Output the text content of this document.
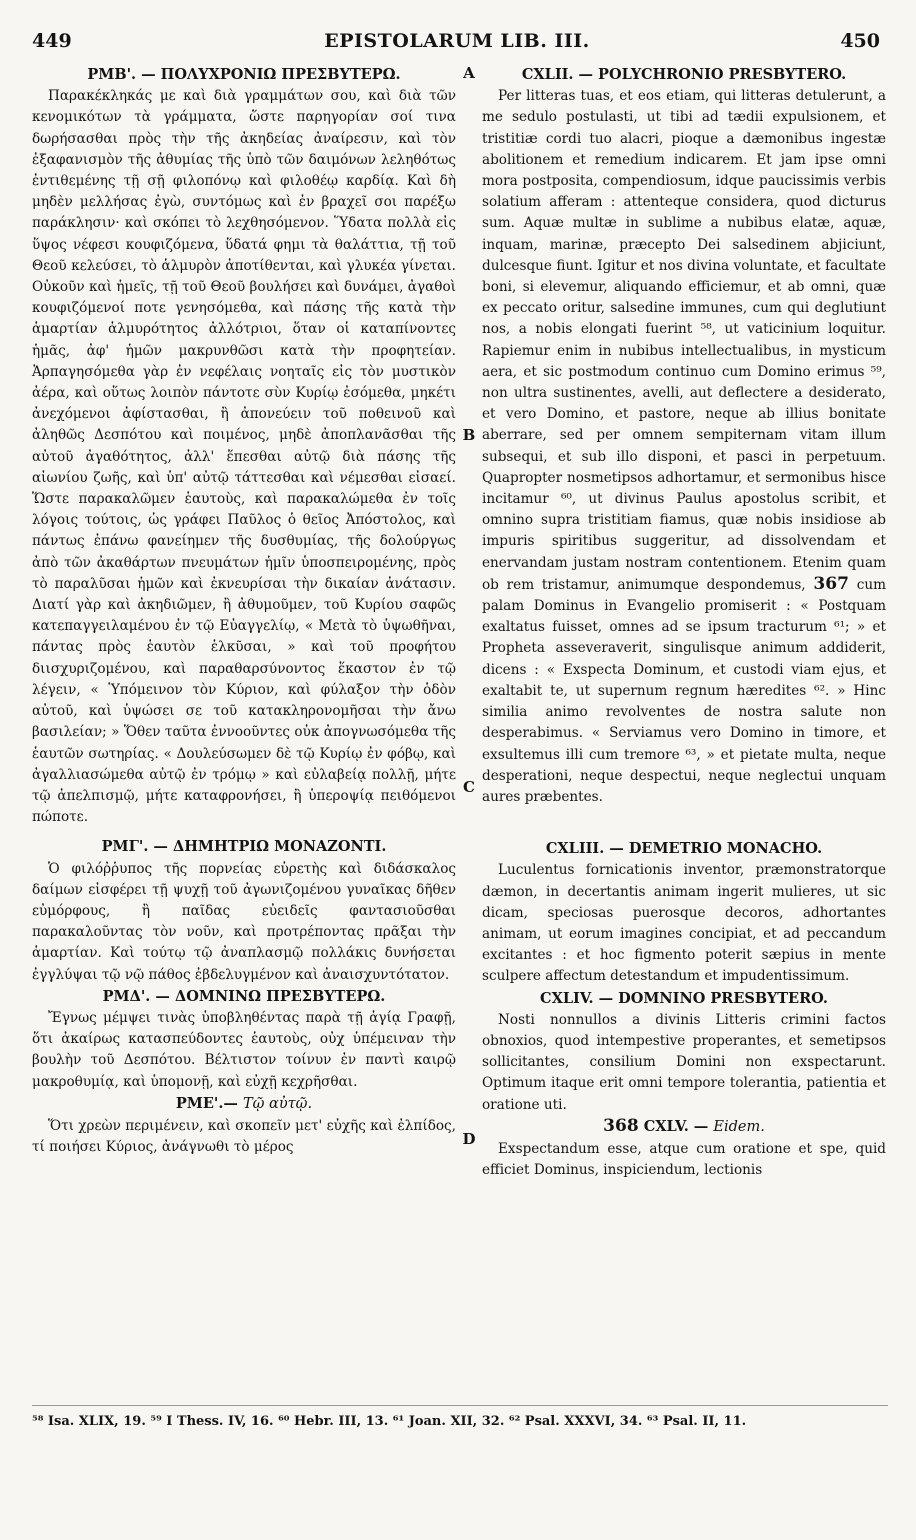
449	EPISTOLARUM LIB. III.	450
ΡΜΒ'. — ΠΟΛΥΧΡΟΝΙΩ ΠΡΕΣΒΥΤΕΡΩ.

Παρακέκληκάς με καὶ διὰ γραμμάτων σου, καὶ διὰ τῶν κενομικότων τὰ γράμματα, ὥστε παρηγορίαν σοί τινα δωρήσασθαι πρὸς τὴν τῆς ἀκηδείας ἀναίρεσιν, καὶ τὸν ἐξαφανισμὸν τῆς ἀθυμίας τῆς ὑπὸ τῶν δαιμόνων λεληθότως ἐντιθεμένης τῇ σῇ φιλοπόνῳ καὶ φιλοθέῳ καρδίᾳ. Καὶ δὴ μηδὲν μελλήσας ἐγὼ, συντόμως καὶ ἐν βραχεῖ σοι παρέξω παράκλησιν· καὶ σκόπει τὸ λεχθησόμενον. Ὕδατα πολλὰ εἰς ὕψος νέφεσι κουφιζόμενα, ὕδατά φημι τὰ θαλάττια, τῇ τοῦ Θεοῦ κελεύσει, τὸ ἁλμυρὸν ἀποτίθενται, καὶ γλυκέα γίνεται. Οὐκοῦν καὶ ἡμεῖς, τῇ τοῦ Θεοῦ βουλήσει καὶ δυνάμει, ἀγαθοὶ κουφιζόμενοί ποτε γενησόμεθα, καὶ πάσης τῆς κατὰ τὴν ἁμαρτίαν ἁλμυρότητος ἀλλότριοι, ὅταν οἱ καταπίνοντες ἡμᾶς, ἀφ' ἡμῶν μακρυνθῶσι κατὰ τὴν προφητείαν. Ἁρπαγησόμεθα γὰρ ἐν νεφέλαις νοηταῖς εἰς τὸν μυστικὸν ἀέρα, καὶ οὕτως λοιπὸν πάντοτε σὺν Κυρίῳ ἐσόμεθα, μηκέτι ἀνεχόμενοι ἀφίστασθαι, ἢ ἀπονεύειν τοῦ ποθεινοῦ καὶ ἀληθῶς Δεσπότου καὶ ποιμένος, μηδὲ ἀποπλανᾶσθαι τῆς αὐτοῦ ἀγαθότητος, ἀλλ' ἕπεσθαι αὐτῷ διὰ πάσης τῆς αἰωνίου ζωῆς, καὶ ὑπ' αὐτῷ τάττεσθαι καὶ νέμεσθαι εἰσαεί. Ὥστε παρακαλῶμεν ἑαυτοὺς, καὶ παρακαλώμεθα ἐν τοῖς λόγοις τούτοις, ὡς γράφει Παῦλος ὁ θεῖος Ἀπόστολος, καὶ πάντως ἐπάνω φανείημεν τῆς δυσθυμίας, τῆς δολούργως ἀπὸ τῶν ἀκαθάρτων πνευμάτων ἡμῖν ὑποσπειρομένης, πρὸς τὸ παραλῦσαι ἡμῶν καὶ ἐκνευρίσαι τὴν δικαίαν ἀνάτασιν. Διατί γὰρ καὶ ἀκηδιῶμεν, ἢ ἀθυμοῦμεν, τοῦ Κυρίου σαφῶς κατεπαγγειλαμένου ἐν τῷ Εὐαγγελίῳ, « Μετὰ τὸ ὑψωθῆναι, πάντας πρὸς ἑαυτὸν ἑλκῦσαι, » καὶ τοῦ προφήτου διισχυριζομένου, καὶ παραθαρσύνοντος ἕκαστον ἐν τῷ λέγειν, « Ὑπόμεινον τὸν Κύριον, καὶ φύλαξον τὴν ὁδὸν αὐτοῦ, καὶ ὑψώσει σε τοῦ κατακληρονομῆσαι τὴν ἄνω βασιλείαν; » Ὅθεν ταῦτα ἐννοοῦντες οὐκ ἀπογνωσόμεθα τῆς ἑαυτῶν σωτηρίας. « Δουλεύσωμεν δὲ τῷ Κυρίῳ ἐν φόβῳ, καὶ ἀγαλλιασώμεθα αὐτῷ ἐν τρόμῳ » καὶ εὐλαβείᾳ πολλῇ, μήτε τῷ ἀπελπισμῷ, μήτε καταφρονήσει, ἢ ὑπεροψίᾳ πειθόμενοι πώποτε.

ΡΜΓ'. — ΔΗΜΗΤΡΙΩ ΜΟΝΑΖΟΝΤΙ.

Ὁ φιλόῤῥυπος τῆς πορνείας εὑρετὴς καὶ διδάσκαλος δαίμων εἰσφέρει τῇ ψυχῇ τοῦ ἀγωνιζομένου γυναῖκας δῆθεν εὐμόρφους, ἢ παῖδας εὐειδεῖς φαντασιοῦσθαι παρακαλοῦντας τὸν νοῦν, καὶ προτρέποντας πρᾶξαι τὴν ἁμαρτίαν. Καὶ τούτῳ τῷ ἀναπλασμῷ πολλάκις δυνήσεται ἐγγλύψαι τῷ νῷ πάθος ἐβδελυγμένον καὶ ἀναισχυντότατον.

ΡΜΔ'. — ΔΟΜΝΙΝΩ ΠΡΕΣΒΥΤΕΡΩ.

Ἔγνως μέμψει τινὰς ὑποβληθέντας παρὰ τῇ ἁγίᾳ Γραφῇ, ὅτι ἀκαίρως κατασπεύδοντες ἑαυτοὺς, οὐχ ὑπέμειναν τὴν βουλὴν τοῦ Δεσπότου. Βέλτιστον τοίνυν ἐν παντὶ καιρῷ μακροθυμίᾳ, καὶ ὑπομονῇ, καὶ εὐχῇ κεχρῆσθαι.

ΡΜΕ'.— Τῷ αὐτῷ.

Ὅτι χρεὼν περιμένειν, καὶ σκοπεῖν μετ' εὐχῆς καὶ ἐλπίδος, τί ποιήσει Κύριος, ἀνάγνωθι τὸ μέρος

A
B
C
D
CXLII. — POLYCHRONIO PRESBYTERO.

Per litteras tuas, et eos etiam, qui litteras detulerunt, a me sedulo postulasti, ut tibi ad tædii expulsionem, et tristitiæ cordi tuo alacri, pioque a dæmonibus ingestæ abolitionem et remedium indicarem. Et jam ipse omni mora postposita, compendiosum, idque paucissimis verbis solatium afferam : attenteque considera, quod dicturus sum. Aquæ multæ in sublime a nubibus elatæ, aquæ, inquam, marinæ, præcepto Dei salsedinem abjiciunt, dulcesque fiunt. Igitur et nos divina voluntate, et facultate boni, si elevemur, aliquando efficiemur, et ab omni, quæ ex peccato oritur, salsedine immunes, cum qui deglutiunt nos, a nobis elongati fuerint ⁵⁸, ut vaticinium loquitur. Rapiemur enim in nubibus intellectualibus, in mysticum aera, et sic postmodum continuo cum Domino erimus ⁵⁹, non ultra sustinentes, avelli, aut deflectere a desiderato, et vero Domino, et pastore, neque ab illius bonitate aberrare, sed per omnem sempiternam vitam illum subsequi, et sub illo disponi, et pasci in perpetuum. Quapropter nosmetipsos adhortamur, et sermonibus hisce incitamur ⁶⁰, ut divinus Paulus apostolus scribit, et omnino supra tristitiam fiamus, quæ nobis insidiose ab impuris spiritibus suggeritur, ad dissolvendam et enervandam justam nostram contentionem. Etenim quam ob rem tristamur, animumque despondemus, 367 cum palam Dominus in Evangelio promiserit : « Postquam exaltatus fuisset, omnes ad se ipsum tracturum ⁶¹; » et Propheta asseveraverit, singulisque animum addiderit, dicens : « Exspecta Dominum, et custodi viam ejus, et exaltabit te, ut supernum regnum hæredites ⁶². » Hinc similia animo revolventes de nostra salute non desperabimus. « Serviamus vero Domino in timore, et exsultemus illi cum tremore ⁶³, » et pietate multa, neque desperationi, neque despectui, neque neglectui unquam aures præbentes.

CXLIII. — DEMETRIO MONACHO.

Luculentus fornicationis inventor, præmonstratorque dæmon, in decertantis animam ingerit mulieres, ut sic dicam, speciosas puerosque decoros, adhortantes animam, ut eorum imagines concipiat, et ad peccandum excitantes : et hoc figmento poterit sæpius in mente sculpere affectum detestandum et impudentissimum.

CXLIV. — DOMNINO PRESBYTERO.

Nosti nonnullos a divinis Litteris crimini factos obnoxios, quod intempestive properantes, et semetipsos sollicitantes, consilium Domini non exspectarunt. Optimum itaque erit omni tempore tolerantia, patientia et oratione uti.

368 CXLV. — Eidem.

Exspectandum esse, atque cum oratione et spe, quid efficiet Dominus, inspiciendum, lectionis

⁵⁸ Isa. XLIX, 19. ⁵⁹ I Thess. IV, 16. ⁶⁰ Hebr. III, 13. ⁶¹ Joan. XII, 32. ⁶² Psal. XXXVI, 34. ⁶³ Psal. II, 11.
